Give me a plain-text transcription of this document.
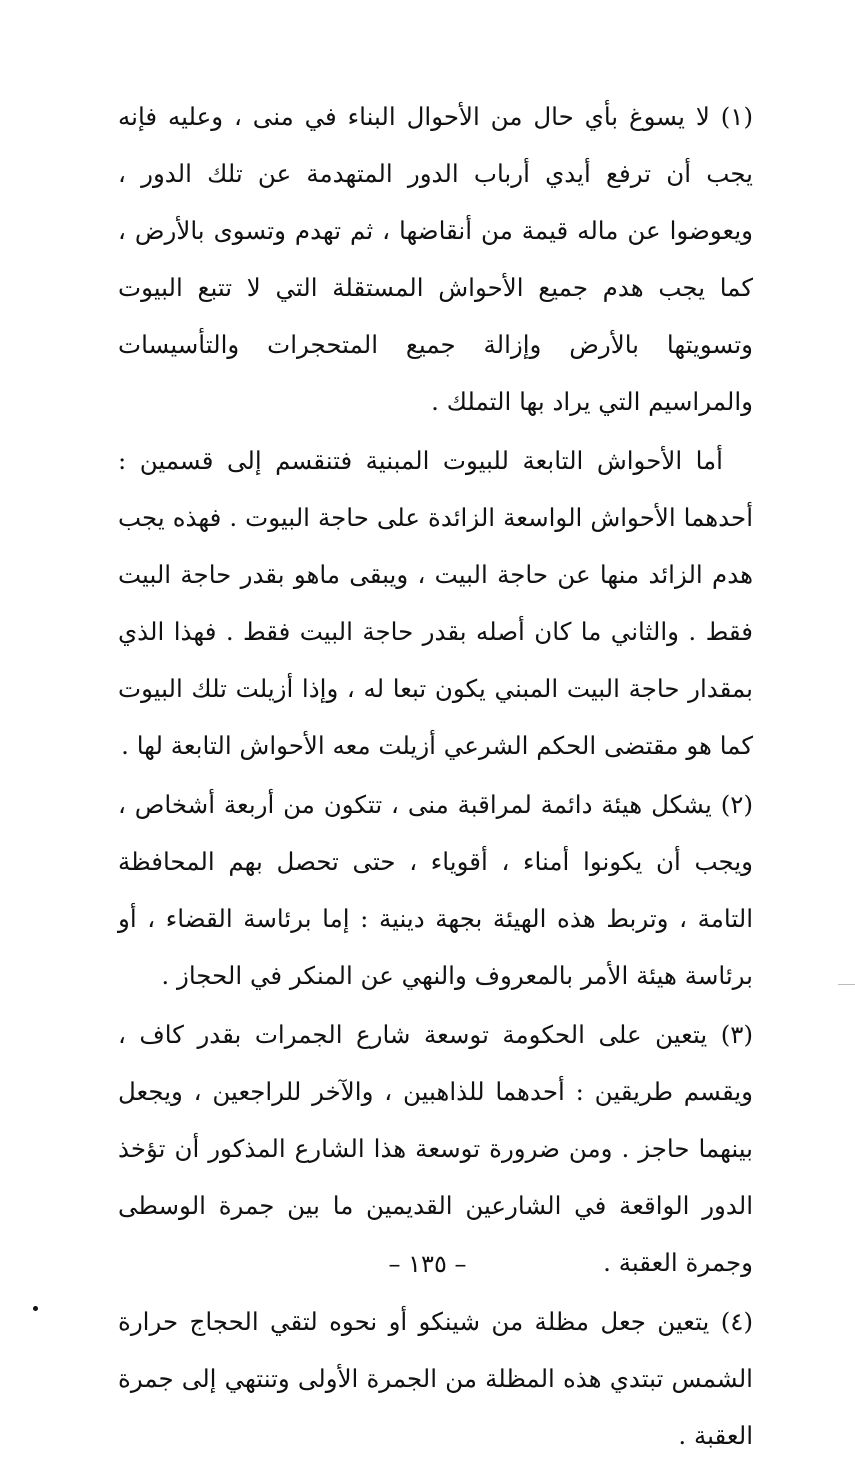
(١) لا يسوغ بأي حال من الأحوال البناء في منى ، وعليه فإنه يجب أن ترفع أيدي أرباب الدور المتهدمة عن تلك الدور ، ويعوضوا عن ماله قيمة من أنقاضها ، ثم تهدم وتسوى بالأرض ، كما يجب هدم جميع الأحواش المستقلة التي لا تتبع البيوت وتسويتها بالأرض وإزالة جميع المتحجرات والتأسيسات والمراسيم التي يراد بها التملك .

أما الأحواش التابعة للبيوت المبنية فتنقسم إلى قسمين : أحدهما الأحواش الواسعة الزائدة على حاجة البيوت . فهذه يجب هدم الزائد منها عن حاجة البيت ، ويبقى ماهو بقدر حاجة البيت فقط . والثاني ما كان أصله بقدر حاجة البيت فقط . فهذا الذي بمقدار حاجة البيت المبني يكون تبعا له ، وإذا أزيلت تلك البيوت كما هو مقتضى الحكم الشرعي أزيلت معه الأحواش التابعة لها .

(٢) يشكل هيئة دائمة لمراقبة منى ، تتكون من أربعة أشخاص ، ويجب أن يكونوا أمناء ، أقوياء ، حتى تحصل بهم المحافظة التامة ، وتربط هذه الهيئة بجهة دينية : إما برئاسة القضاء ، أو برئاسة هيئة الأمر بالمعروف والنهي عن المنكر في الحجاز .

(٣) يتعين على الحكومة توسعة شارع الجمرات بقدر كاف ، ويقسم طريقين : أحدهما للذاهبين ، والآخر للراجعين ، ويجعل بينهما حاجز . ومن ضرورة توسعة هذا الشارع المذكور أن تؤخذ الدور الواقعة في الشارعين القديمين ما بين جمرة الوسطى وجمرة العقبة .

(٤) يتعين جعل مظلة من شينكو أو نحوه لتقي الحجاج حرارة الشمس تبتدي هذه المظلة من الجمرة الأولى وتنتهي إلى جمرة العقبة .

– ١٣٥ –
